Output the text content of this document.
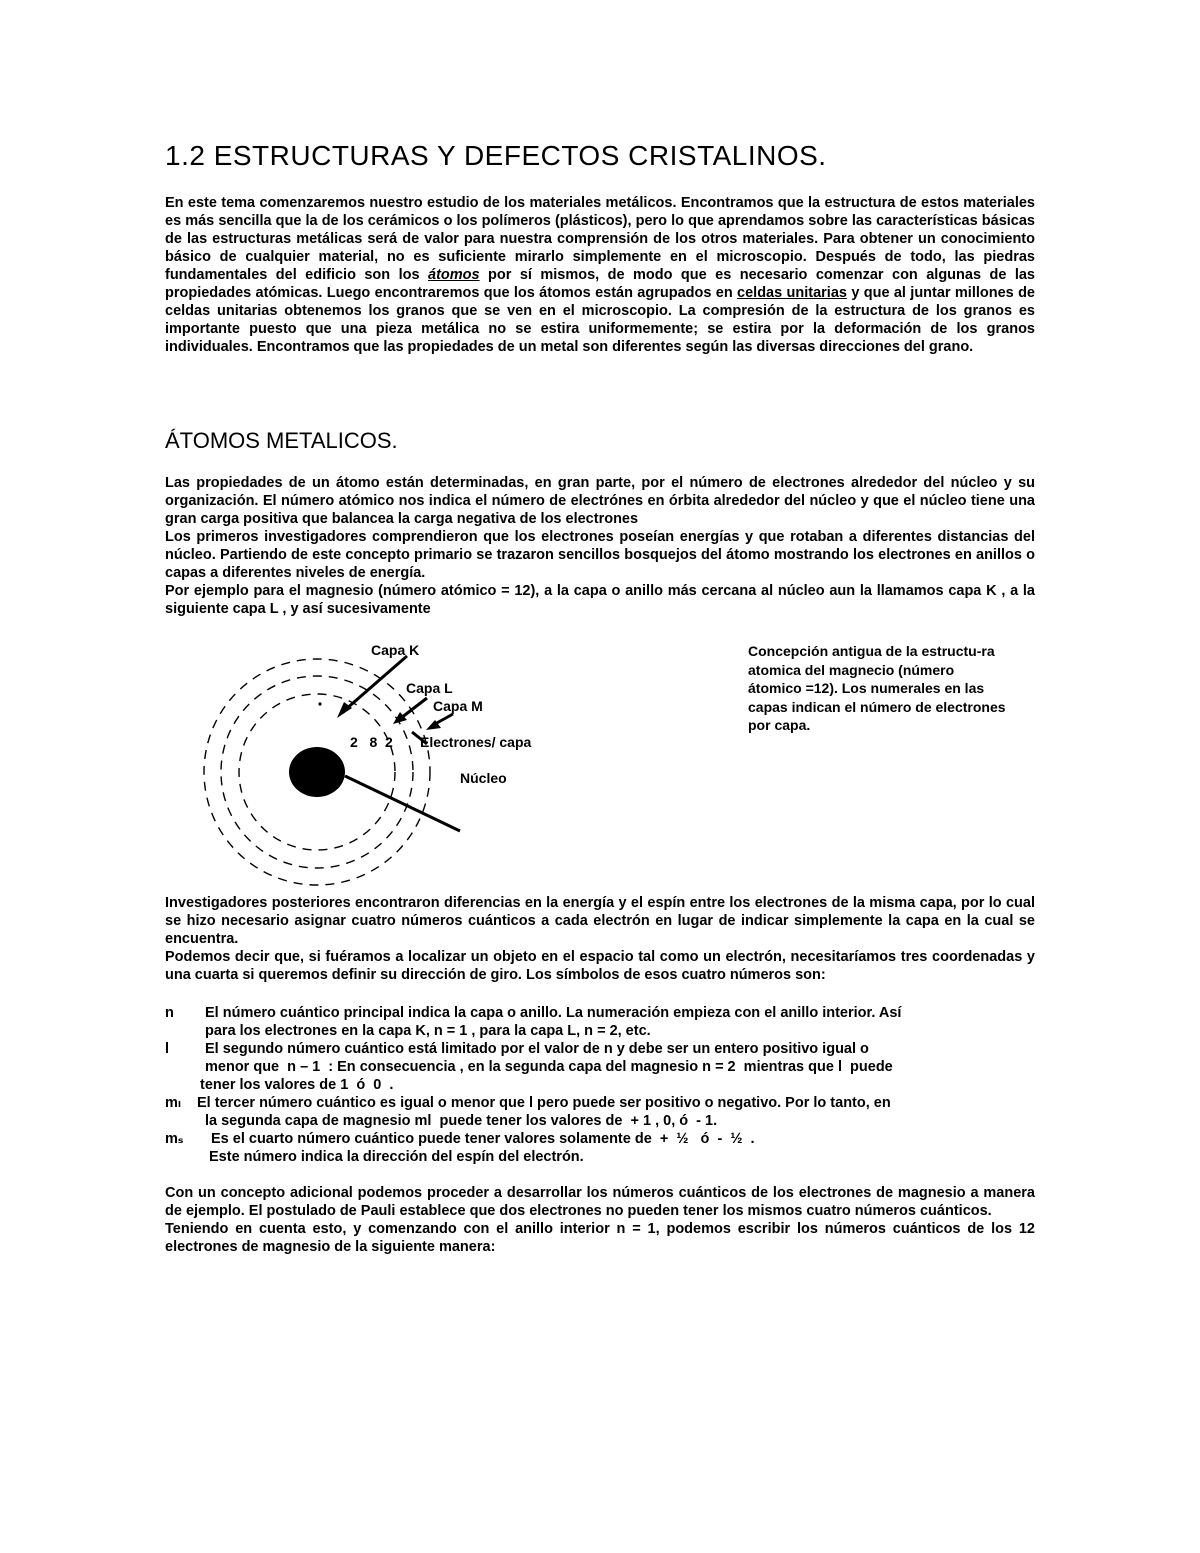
1.2 ESTRUCTURAS Y DEFECTOS CRISTALINOS.

En este tema comenzaremos nuestro estudio de los materiales metálicos. Encontramos que la estructura de estos materiales es más sencilla que la de los cerámicos o los polímeros (plásticos), pero lo que aprendamos sobre las características básicas de las estructuras metálicas será de valor para nuestra comprensión de los otros materiales. Para obtener un conocimiento básico de cualquier material, no es suficiente mirarlo simplemente en el microscopio. Después de todo, las piedras fundamentales del edificio son los átomos por sí mismos, de modo que es necesario comenzar con algunas de las propiedades atómicas. Luego encontraremos que los átomos están agrupados en celdas unitarias y que al juntar millones de celdas unitarias obtenemos los granos que se ven en el microscopio. La compresión de la estructura de los granos es importante puesto que una pieza metálica no se estira uniformemente; se estira por la deformación de los granos individuales. Encontramos que las propiedades de un metal son diferentes según las diversas direcciones del grano.

ÁTOMOS METALICOS.

Las propiedades de un átomo están determinadas, en gran parte, por el número de electrones alrededor del núcleo y su organización. El número atómico nos indica el número de electrónes en órbita alrededor del núcleo y que el núcleo tiene una gran carga positiva que balancea la carga negativa de los electrones

Los primeros investigadores comprendieron que los electrones poseían energías y que rotaban a diferentes distancias del núcleo. Partiendo de este concepto primario se trazaron sencillos bosquejos del átomo mostrando los electrones en anillos o capas a diferentes niveles de energía.

Por ejemplo para el magnesio (número atómico = 12), a la capa o anillo más cercana al núcleo aun la llamamos capa K , a la siguiente capa L , y así sucesivamente

Capa K
Capa L
Capa M
2   8  2 Electrones/ capa
Núcleo
Concepción antigua de la estructu-ra atomica del magnecio (número átomico =12). Los numerales en las capas indican el número de electrones por capa.

Investigadores posteriores encontraron diferencias en la energía y el espín entre los electrones de la misma capa, por lo cual se hizo necesario asignar cuatro números cuánticos a cada electrón en lugar de indicar simplemente la capa en la cual se encuentra.

Podemos decir que, si fuéramos a localizar un objeto en el espacio tal como un electrón, necesitaríamos tres coordenadas y una cuarta si queremos definir su dirección de giro. Los símbolos de esos cuatro números son:

n El número cuántico principal indica la capa o anillo. La numeración empieza con el anillo interior. Así
para los electrones en la capa K, n = 1 , para la capa L, n = 2, etc.
l El segundo número cuántico está limitado por el valor de n y debe ser un entero positivo igual o
menor que  n – 1  : En consecuencia , en la segunda capa del magnesio n = 2  mientras que l  puede
tener los valores de 1  ó  0  .
mₗ El tercer número cuántico es igual o menor que l pero puede ser positivo o negativo. Por lo tanto, en
la segunda capa de magnesio ml  puede tener los valores de  + 1 , 0, ó  - 1.
mₛ Es el cuarto número cuántico puede tener valores solamente de  +  ½   ó  -  ½  .
Este número indica la dirección del espín del electrón.

Con un concepto adicional podemos proceder a desarrollar los números cuánticos de los electrones de magnesio a manera de ejemplo. El postulado de Pauli establece que dos electrones no pueden tener los mismos cuatro números cuánticos.

Teniendo en cuenta esto, y comenzando con el anillo interior n = 1, podemos escribir los números cuánticos de los 12 electrones de magnesio de la siguiente manera:
